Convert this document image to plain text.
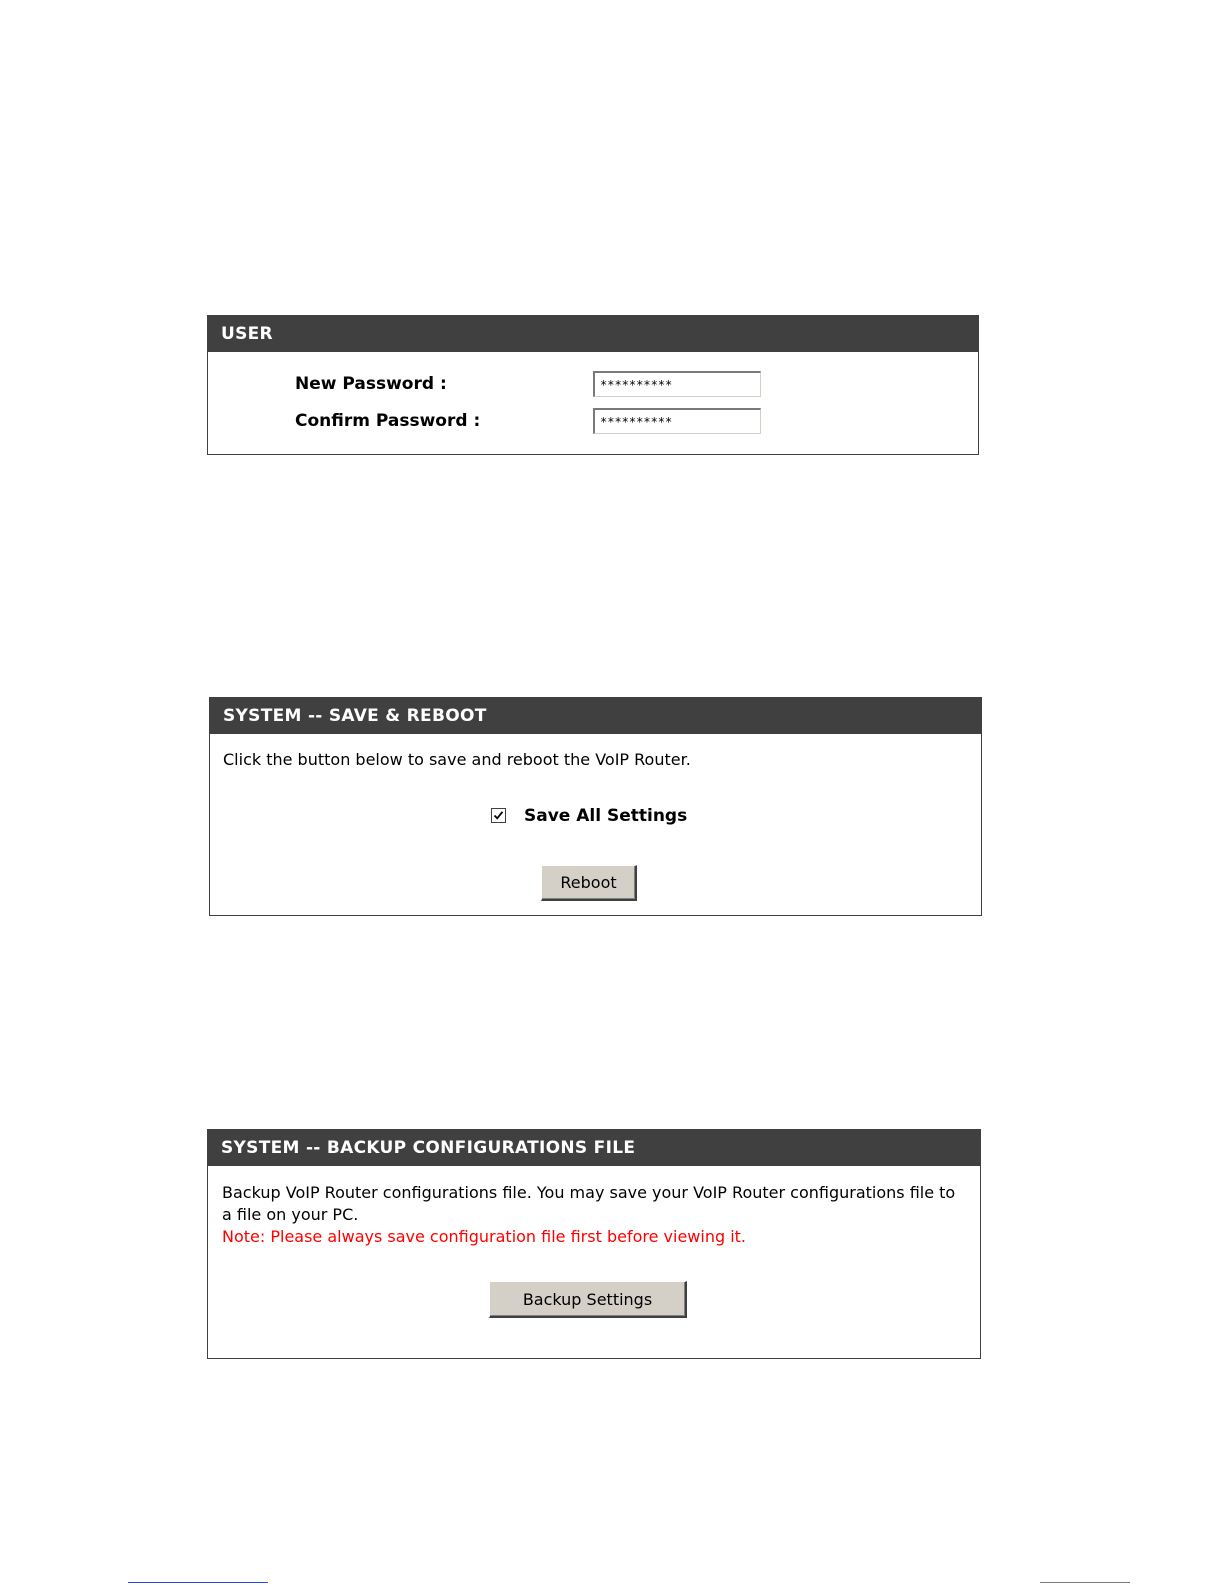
USER
New Password :
**********
Confirm Password :
**********
SYSTEM -- SAVE & REBOOT
Click the button below to save and reboot the VoIP Router.
Save All Settings
Reboot
SYSTEM -- BACKUP CONFIGURATIONS FILE
Backup VoIP Router configurations file. You may save your VoIP Router configurations file to a file on your PC.
Note: Please always save configuration file first before viewing it.
Backup Settings
